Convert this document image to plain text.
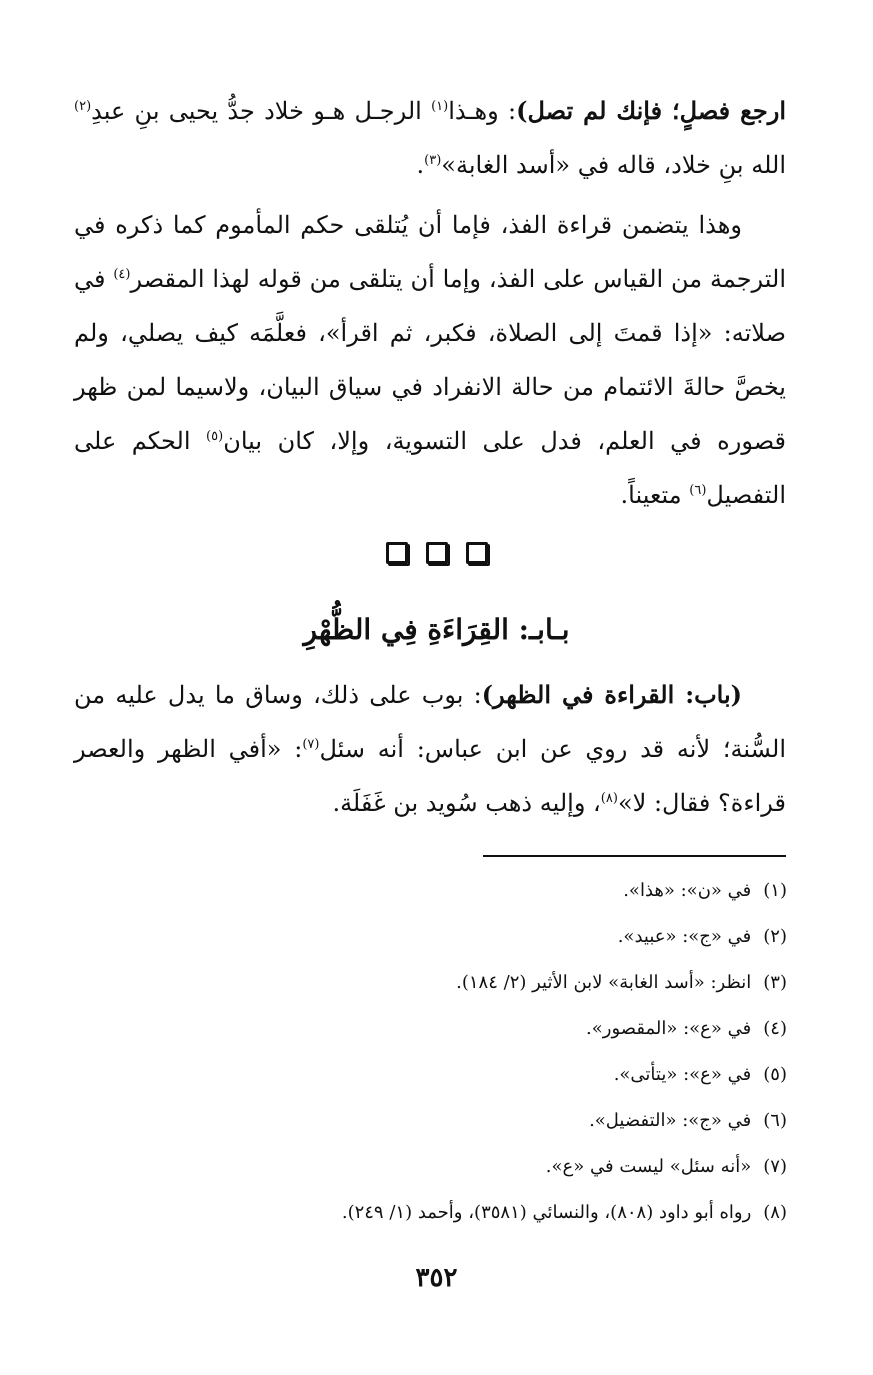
ارجع فصلٍ؛ فإنك لم تصل): وهـذا$^{(١)}$ الرجـل هـو خلاد جدُّ يحيى بنِ عبدِ$^{(٢)}$ الله بنِ خلاد، قاله في «أسد الغابة»$^{(٣)}$.

وهذا يتضمن قراءة الفذ، فإما أن يُتلقى حكم المأموم كما ذكره في الترجمة من القياس على الفذ، وإما أن يتلقى من قوله لهذا المقصر$^{(٤)}$ في صلاته: «إذا قمتَ إلى الصلاة، فكبر، ثم اقرأ»، فعلَّمَه كيف يصلي، ولم يخصَّ حالةَ الائتمام من حالة الانفراد في سياق البيان، ولاسيما لمن ظهر قصوره في العلم، فدل على التسوية، وإلا، كان بيان$^{(٥)}$ الحكم على التفصيل$^{(٦)}$ متعيناً.

بـابـ: القِرَاءَةِ فِي الظُّهْرِ

(باب: القراءة في الظهر): بوب على ذلك، وساق ما يدل عليه من السُّنة؛ لأنه قد روي عن ابن عباس: أنه سئل$^{(٧)}$: «أفي الظهر والعصر قراءة؟ فقال: لا»$^{(٨)}$، وإليه ذهب سُويد بن غَفَلَة.

(١)في «ن»: «هذا».
(٢)في «ج»: «عبيد».
(٣)انظر: «أسد الغابة» لابن الأثير (٢/ ١٨٤).
(٤)في «ع»: «المقصور».
(٥)في «ع»: «يتأتى».
(٦)في «ج»: «التفضيل».
(٧)«أنه سئل» ليست في «ع».
(٨)رواه أبو داود (٨٠٨)، والنسائي (٣٥٨١)، وأحمد (١/ ٢٤٩).
٣٥٢
